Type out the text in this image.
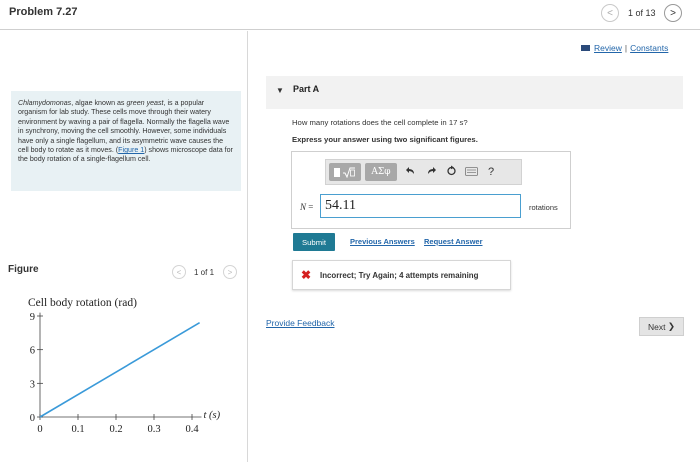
Problem 7.27	<	1 of 13	>
Chlamydomonas, algae known as green yeast, is a popular organism for lab study. These cells move through their watery environment by waving a pair of flagella. Normally the flagella wave in synchrony, moving the cell smoothly. However, some individuals have only a single flagellum, and its asymmetric wave causes the cell body to rotate as it moves. (Figure 1) shows microscope data for the body rotation of a single-flagellum cell.
Figure	<	1 of 1	>
Cell body rotation (rad)
0
3
6
9
0	0.1 0.2 0.3 0.4
t (s)
Review | Constants
▼ Part A
How many rotations does the cell complete in 17 s?
Express your answer using two significant figures.
ΑΣφ	?
N = 54.11	rotations
Submit	Previous Answers Request Answer
✖ Incorrect; Try Again; 4 attempts remaining
Provide Feedback	Next
❯
